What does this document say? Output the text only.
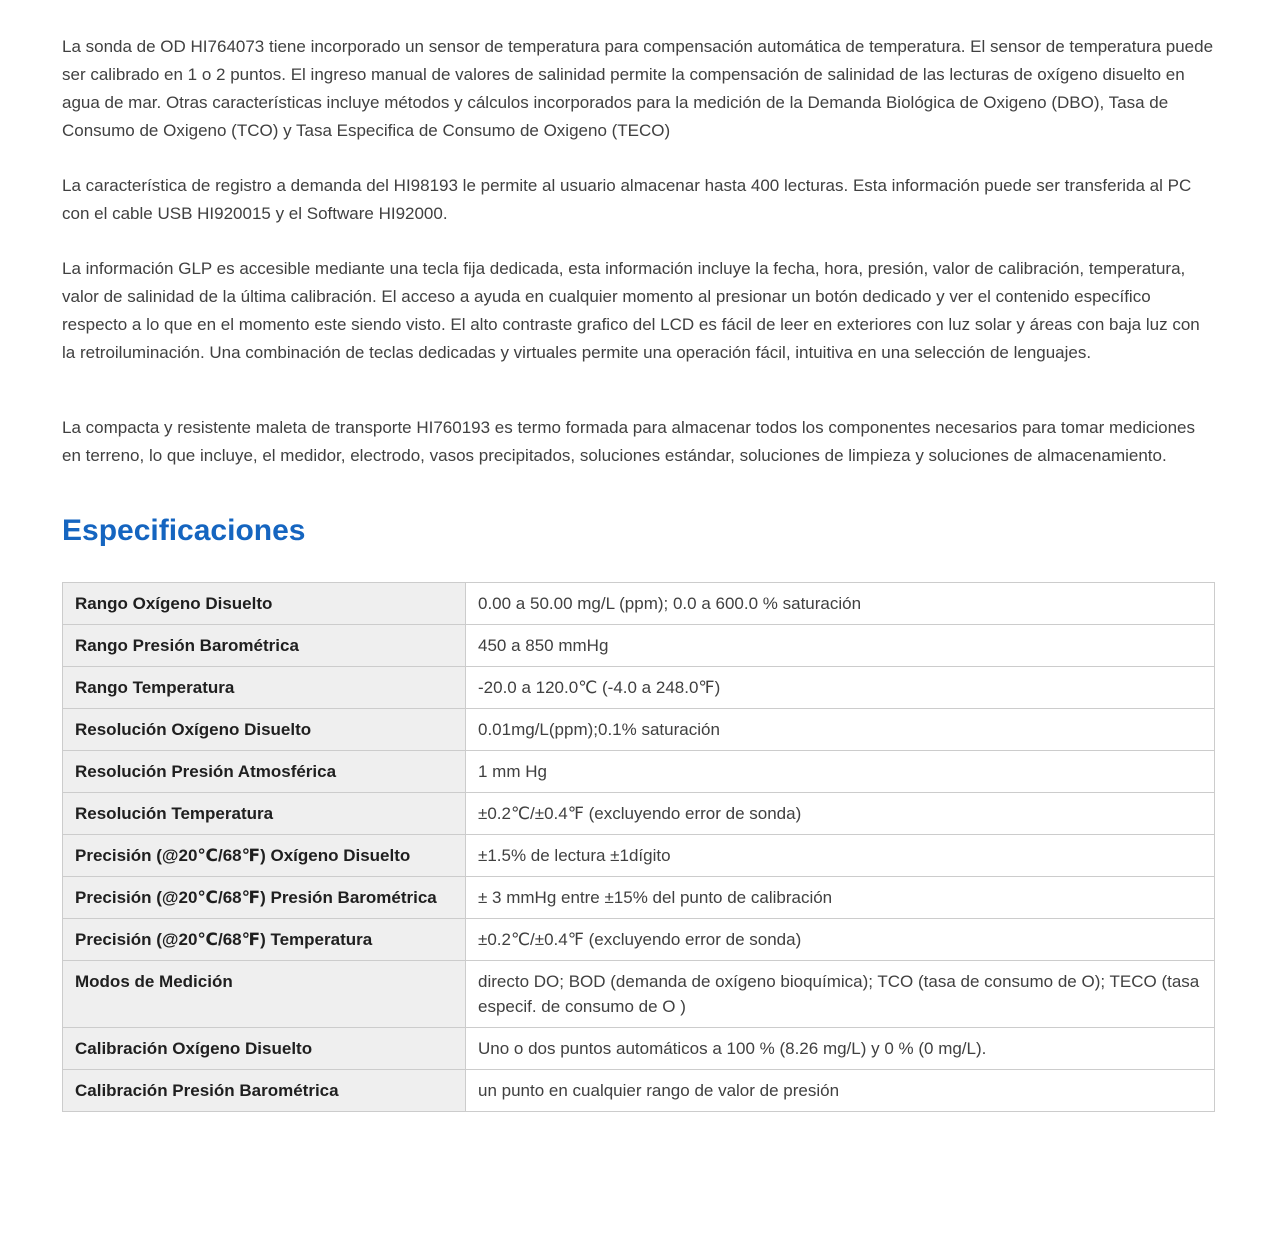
La sonda de OD HI764073 tiene incorporado un sensor de temperatura para compensación automática de temperatura. El sensor de temperatura puede ser calibrado en 1 o 2 puntos. El ingreso manual de valores de salinidad permite la compensación de salinidad de las lecturas de oxígeno disuelto en agua de mar. Otras características incluye métodos y cálculos incorporados para la medición de la Demanda Biológica de Oxigeno (DBO), Tasa de Consumo de Oxigeno (TCO) y Tasa Especifica de Consumo de Oxigeno (TECO)

La característica de registro a demanda del HI98193 le permite al usuario almacenar hasta 400 lecturas. Esta información puede ser transferida al PC con el cable USB HI920015 y el Software HI92000.

La información GLP es accesible mediante una tecla fija dedicada, esta información incluye la fecha, hora, presión, valor de calibración, temperatura, valor de salinidad de la última calibración. El acceso a ayuda en cualquier momento al presionar un botón dedicado y ver el contenido específico respecto a lo que en el momento este siendo visto. El alto contraste grafico del LCD es fácil de leer en exteriores con luz solar y áreas con baja luz con la retroiluminación. Una combinación de teclas dedicadas y virtuales permite una operación fácil, intuitiva en una selección de lenguajes.

La compacta y resistente maleta de transporte HI760193 es termo formada para almacenar todos los componentes necesarios para tomar mediciones en terreno, lo que incluye, el medidor, electrodo, vasos precipitados, soluciones estándar, soluciones de limpieza y soluciones de almacenamiento.

Especificaciones
Rango Oxígeno Disuelto	0.00 a 50.00 mg/L (ppm); 0.0 a 600.0 % saturación
Rango Presión Barométrica	450 a 850 mmHg
Rango Temperatura	-20.0 a 120.0℃ (-4.0 a 248.0℉)
Resolución Oxígeno Disuelto	0.01mg/L(ppm);0.1% saturación
Resolución Presión Atmosférica	1 mm Hg
Resolución Temperatura	±0.2℃/±0.4℉ (excluyendo error de sonda)
Precisión (@20℃/68℉) Oxígeno Disuelto	±1.5% de lectura ±1dígito
Precisión (@20℃/68℉) Presión Barométrica	± 3 mmHg entre ±15% del punto de calibración
Precisión (@20℃/68℉) Temperatura	±0.2℃/±0.4℉ (excluyendo error de sonda)
Modos de Medición	directo DO; BOD (demanda de oxígeno bioquímica); TCO (tasa de consumo de O); TECO (tasa especif. de consumo de O )
Calibración Oxígeno Disuelto	Uno o dos puntos automáticos a 100 % (8.26 mg/L) y 0 % (0 mg/L).
Calibración Presión Barométrica	un punto en cualquier rango de valor de presión
